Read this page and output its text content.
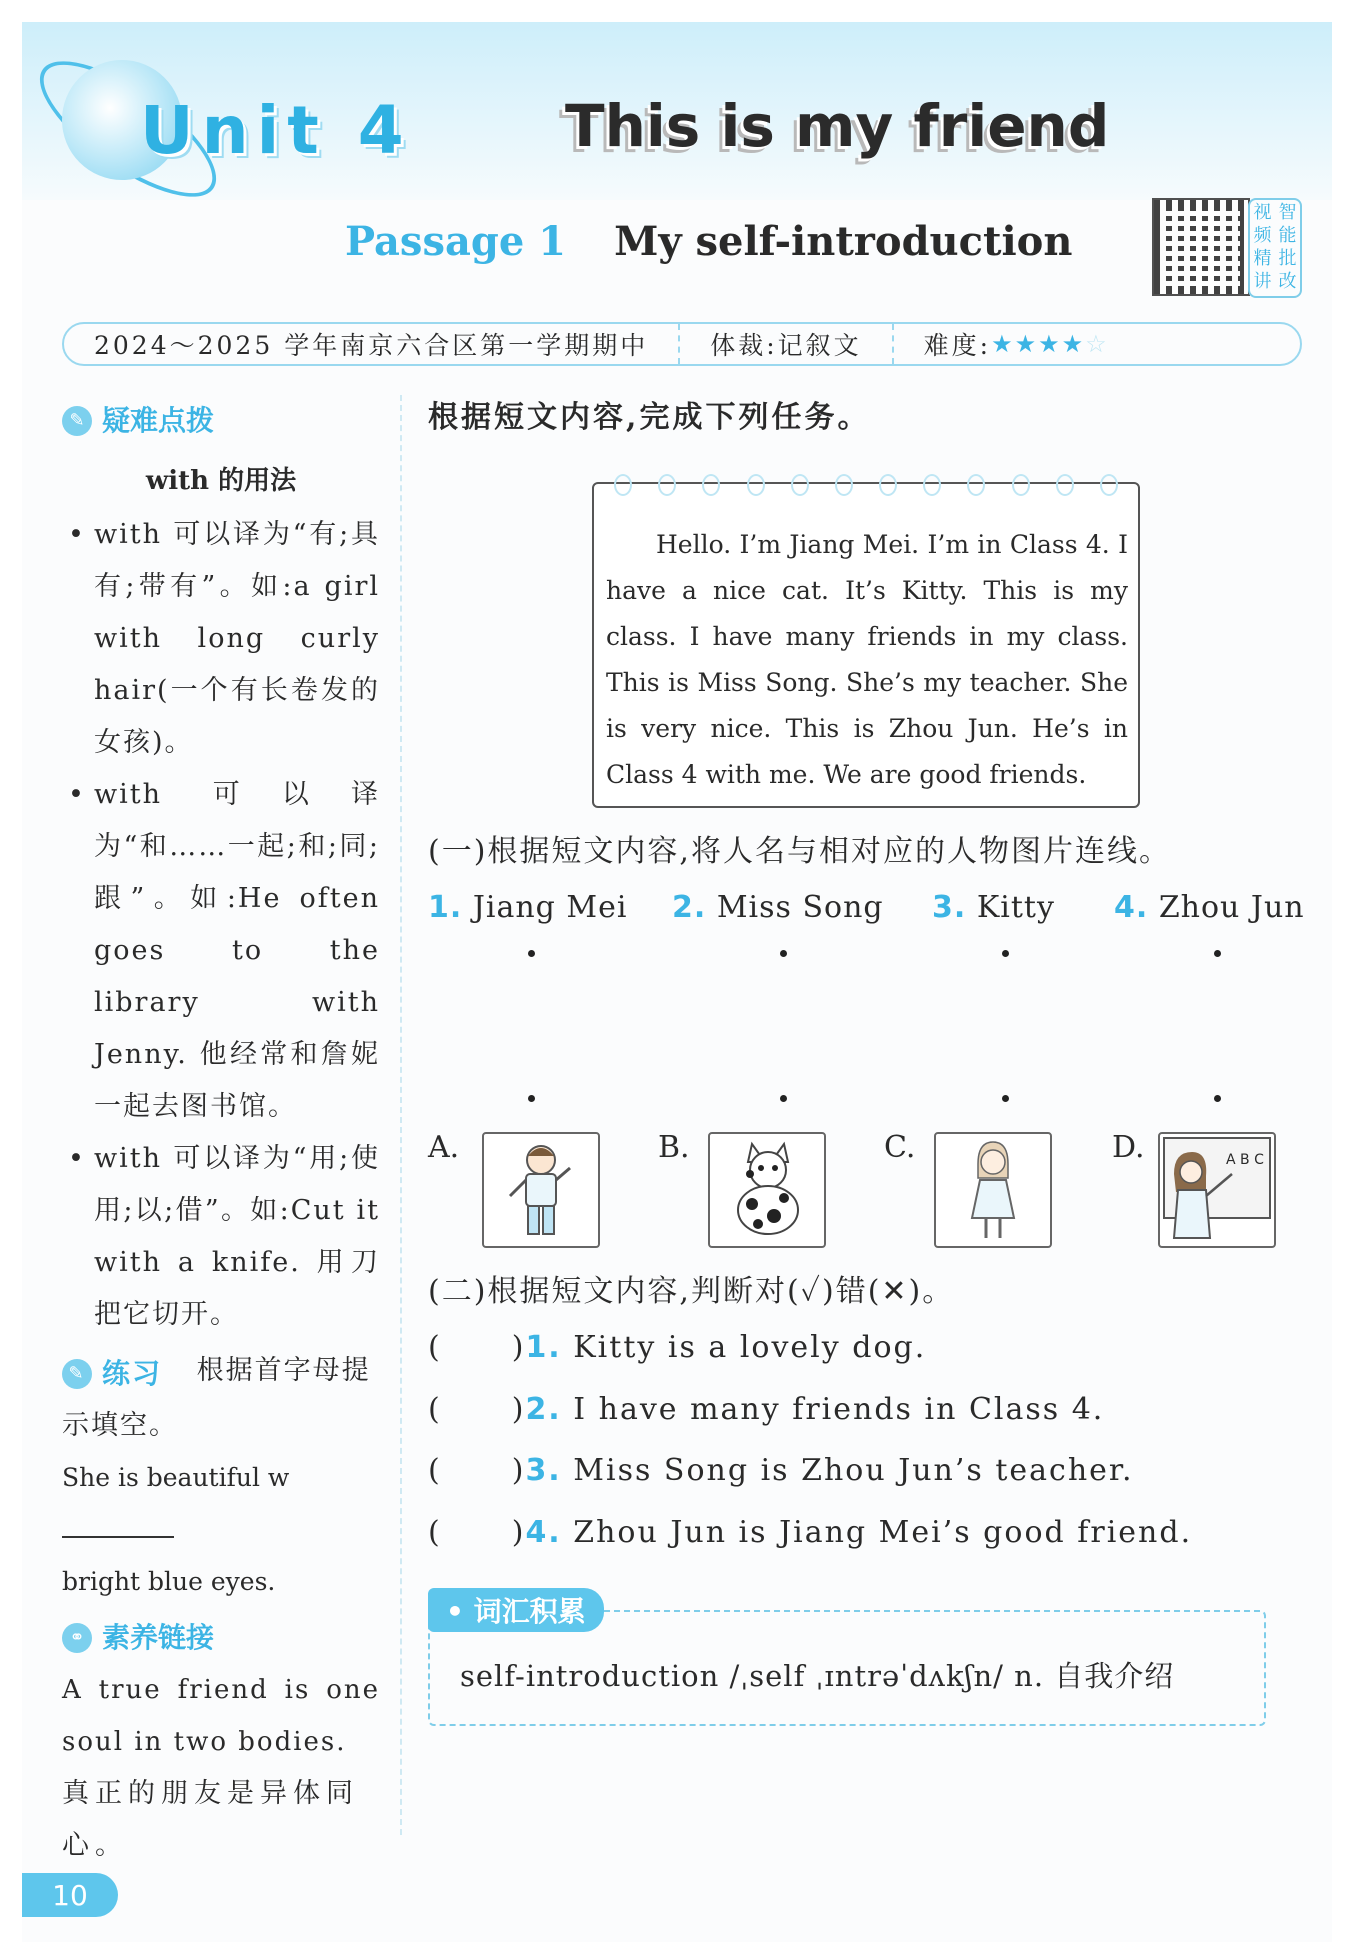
Unit 4	This is my friend
Passage 1 My self-introduction
视 智
频 能
精 批
讲 改
2024～2025 学年南京六合区第一学期期中	体裁:记叙文	难度: ★★★★☆
✎ 疑难点拨
with 的用法
• with 可以译为“有;具有;带有”。如:a girl with long curly hair(一个有长卷发的女孩)。
• with 可以译为“和……一起;和;同;跟”。如:He often goes to the library with Jenny. 他经常和詹妮一起去图书馆。
• with 可以译为“用;使用;以;借”。如:Cut it with a knife. 用刀把它切开。
✎ 练习 根据首字母提示填空。
She is beautiful w
bright blue eyes.
⚭ 素养链接
A true friend is one soul in two bodies.
真正的朋友是异体同心。
根据短文内容,完成下列任务。
Hello. I’m Jiang Mei. I’m in Class 4. I have a nice cat. It’s Kitty. This is my class. I have many friends in my class. This is Miss Song. She’s my teacher. She is very nice. This is Zhou Jun. He’s in Class 4 with me. We are good friends.
(一)根据短文内容,将人名与相对应的人物图片连线。
1. Jiang Mei 2. Miss Song 3. Kitty 4. Zhou Jun
A.	B.	C.	D.	A B C
(二)根据短文内容,判断对(✓)错(✕)。
( )1. Kitty is a lovely dog.
( )2. I have many friends in Class 4.
( )3. Miss Song is Zhou Jun’s teacher.
( )4. Zhou Jun is Jiang Mei’s good friend.
self-introduction /ˌself ˌɪntrəˈdʌkʃn/ n. 自我介绍
• 词汇积累
10
